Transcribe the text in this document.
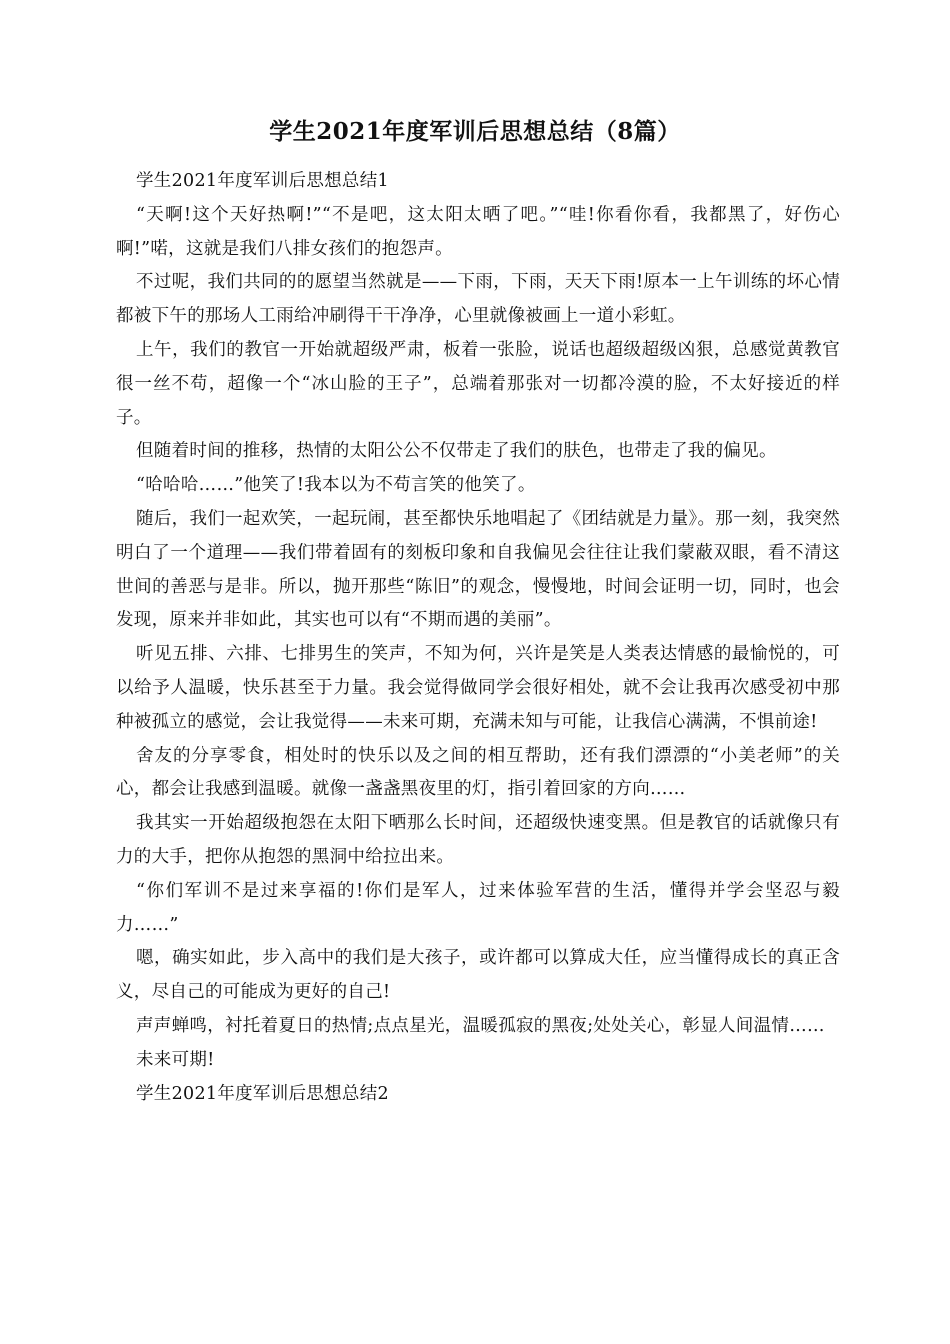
学生2021年度军训后思想总结（8篇）

学生2021年度军训后思想总结1

“天啊!这个天好热啊!”“不是吧，这太阳太晒了吧。”“哇!你看你看，我都黑了，好伤心啊!”喏，这就是我们八排女孩们的抱怨声。

不过呢，我们共同的的愿望当然就是——下雨，下雨，天天下雨!原本一上午训练的坏心情都被下午的那场人工雨给冲刷得干干净净，心里就像被画上一道小彩虹。

上午，我们的教官一开始就超级严肃，板着一张脸，说话也超级超级凶狠，总感觉黄教官很一丝不苟，超像一个“冰山脸的王子”，总端着那张对一切都冷漠的脸，不太好接近的样子。

但随着时间的推移，热情的太阳公公不仅带走了我们的肤色，也带走了我的偏见。

“哈哈哈……”他笑了!我本以为不苟言笑的他笑了。

随后，我们一起欢笑，一起玩闹，甚至都快乐地唱起了《团结就是力量》。那一刻，我突然明白了一个道理——我们带着固有的刻板印象和自我偏见会往往让我们蒙蔽双眼，看不清这世间的善恶与是非。所以，抛开那些“陈旧”的观念，慢慢地，时间会证明一切，同时，也会发现，原来并非如此，其实也可以有“不期而遇的美丽”。

听见五排、六排、七排男生的笑声，不知为何，兴许是笑是人类表达情感的最愉悦的，可以给予人温暖，快乐甚至于力量。我会觉得做同学会很好相处，就不会让我再次感受初中那种被孤立的感觉，会让我觉得——未来可期，充满未知与可能，让我信心满满，不惧前途!

舍友的分享零食，相处时的快乐以及之间的相互帮助，还有我们漂漂的“小美老师”的关心，都会让我感到温暖。就像一盏盏黑夜里的灯，指引着回家的方向……

我其实一开始超级抱怨在太阳下晒那么长时间，还超级快速变黑。但是教官的话就像只有力的大手，把你从抱怨的黑洞中给拉出来。

“你们军训不是过来享福的!你们是军人，过来体验军营的生活，懂得并学会坚忍与毅力……”

嗯，确实如此，步入高中的我们是大孩子，或许都可以算成大任，应当懂得成长的真正含义，尽自己的可能成为更好的自己!

声声蝉鸣，衬托着夏日的热情;点点星光，温暖孤寂的黑夜;处处关心，彰显人间温情……

未来可期!

学生2021年度军训后思想总结2
